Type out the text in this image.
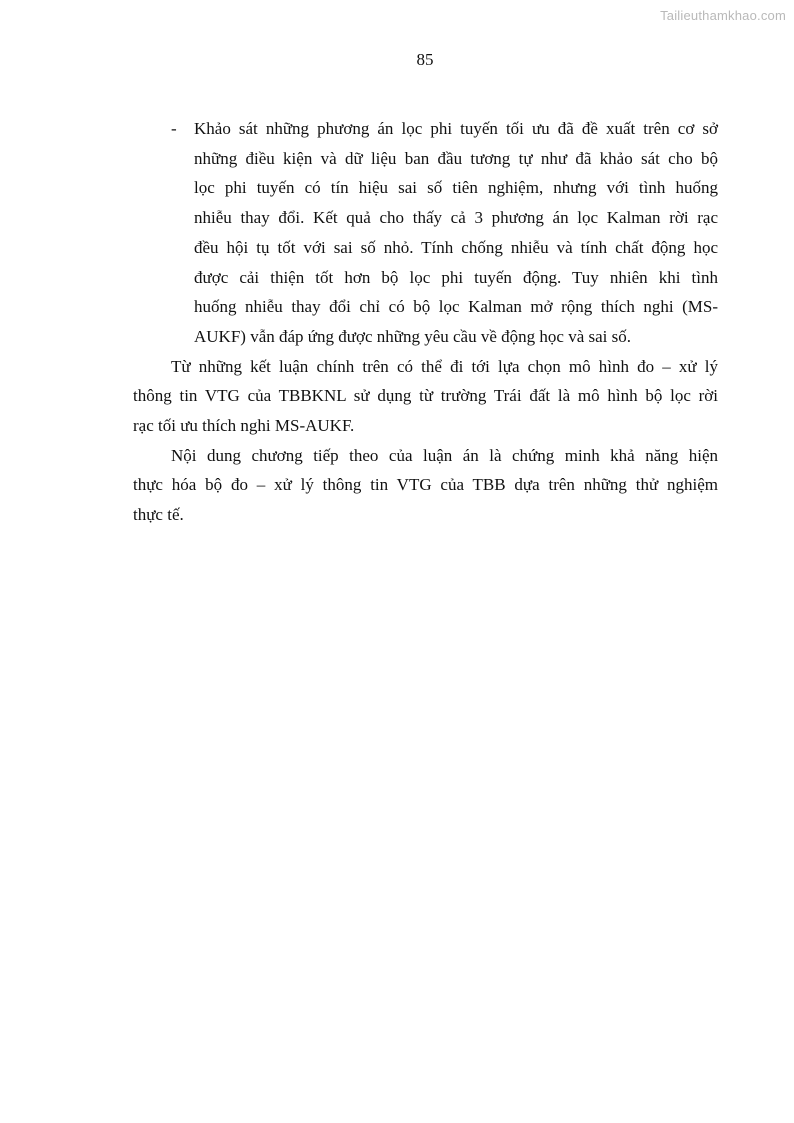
Tailieuthamkhao.com
85
- Khảo sát những phương án lọc phi tuyến tối ưu đã đề xuất trên cơ sở
những điều kiện và dữ liệu ban đầu tương tự như đã khảo sát cho bộ
lọc phi tuyến có tín hiệu sai số tiên nghiệm, nhưng với tình huống
nhiễu thay đổi. Kết quả cho thấy cả 3 phương án lọc Kalman rời rạc
đều hội tụ tốt với sai số nhỏ. Tính chống nhiễu và tính chất động học
được cải thiện tốt hơn bộ lọc phi tuyến động. Tuy nhiên khi tình
huống nhiễu thay đổi chỉ có bộ lọc Kalman mở rộng thích nghi (MS-
AUKF) vẫn đáp ứng được những yêu cầu về động học và sai số.
Từ những kết luận chính trên có thể đi tới lựa chọn mô hình đo – xử lý
thông tin VTG của TBBKNL sử dụng từ trường Trái đất là mô hình bộ lọc rời
rạc tối ưu thích nghi MS-AUKF.
Nội dung chương tiếp theo của luận án là chứng minh khả năng hiện
thực hóa bộ đo – xử lý thông tin VTG của TBB dựa trên những thử nghiệm
thực tế.
